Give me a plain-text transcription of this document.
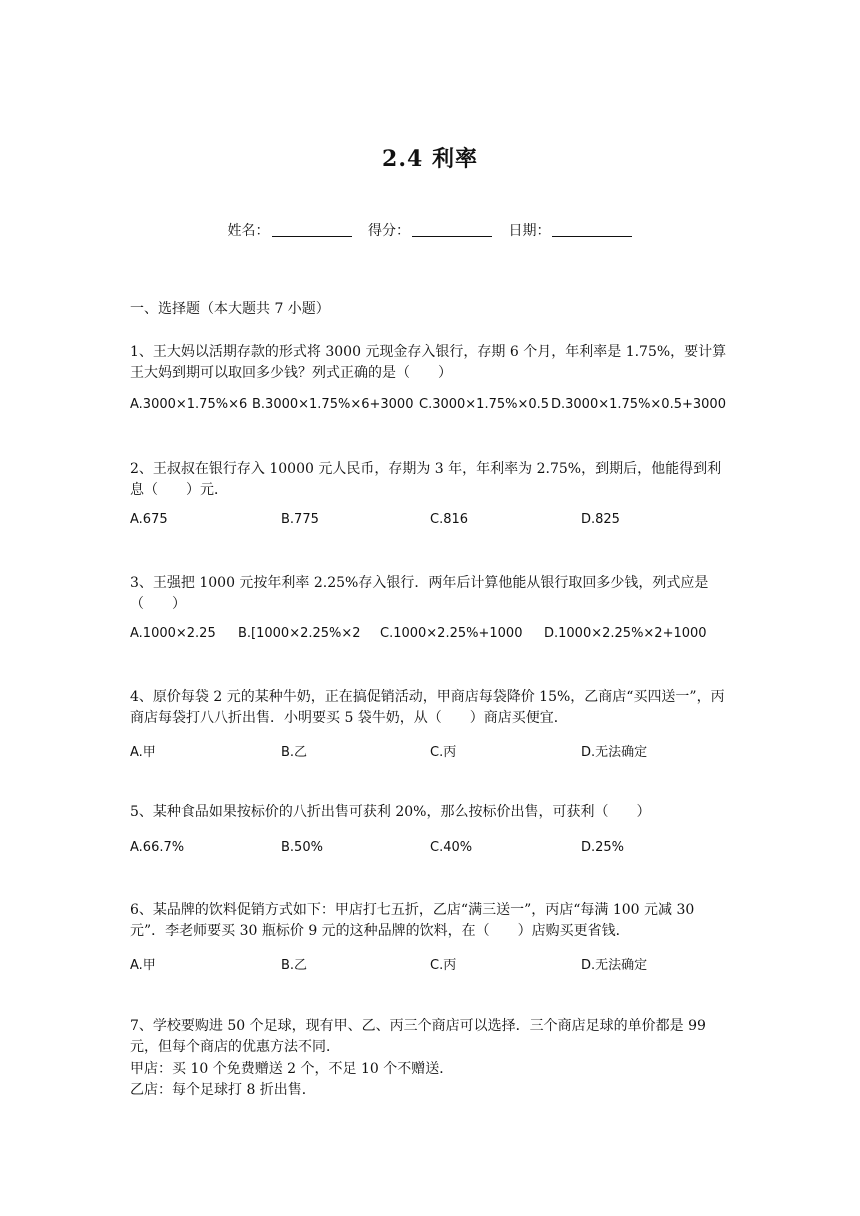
2.4 利率
姓名：	得分：	日期：
一、选择题（本大题共 7 小题）
1、王大妈以活期存款的形式将 3000 元现金存入银行，存期 6 个月，年利率是 1.75%，要计算王大妈到期可以取回多少钱？列式正确的是（　　）
A.3000×1.75%×6 B.3000×1.75%×6+3000 C.3000×1.75%×0.5 D.3000×1.75%×0.5+3000
2、王叔叔在银行存入 10000 元人民币，存期为 3 年，年利率为 2.75%，到期后，他能得到利息（　　）元．
A.675	B.775	C.816	D.825
3、王强把 1000 元按年利率 2.25%存入银行．两年后计算他能从银行取回多少钱，列式应是（　　）
A.1000×2.25 B.[1000×2.25%×2 C.1000×2.25%+1000 D.1000×2.25%×2+1000
4、原价每袋 2 元的某种牛奶，正在搞促销活动，甲商店每袋降价 15%，乙商店“买四送一”，丙商店每袋打八八折出售．小明要买 5 袋牛奶，从（　　）商店买便宜．
A.甲	B.乙	C.丙	D.无法确定
5、某种食品如果按标价的八折出售可获利 20%，那么按标价出售，可获利（　　）
A.66.7%	B.50%	C.40%	D.25%
6、某品牌的饮料促销方式如下：甲店打七五折，乙店“满三送一”，丙店“每满 100 元减 30 元”．李老师要买 30 瓶标价 9 元的这种品牌的饮料，在（　　）店购买更省钱．
A.甲	B.乙	C.丙	D.无法确定
7、学校要购进 50 个足球，现有甲、乙、丙三个商店可以选择．三个商店足球的单价都是 99 元，但每个商店的优惠方法不同．
甲店：买 10 个免费赠送 2 个，不足 10 个不赠送．
乙店：每个足球打 8 折出售．
